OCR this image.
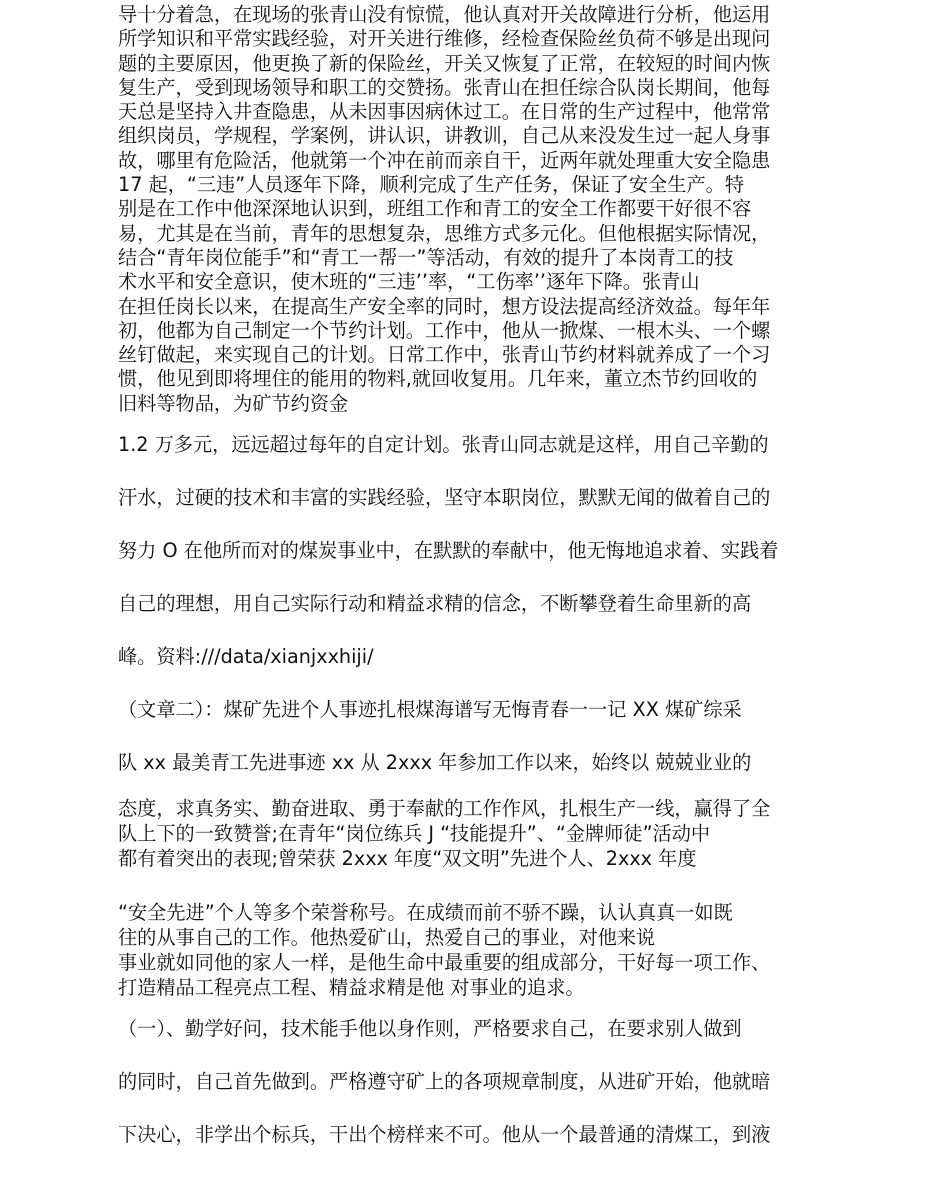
导十分着急，在现场的张青山没有惊慌，他认真对开关故障进行分析，他运用
所学知识和平常实践经验，对开关进行维修，经检查保险丝负荷不够是出现问
题的主要原因，他更换了新的保险丝，开关又恢复了正常，在较短的时间内恢
复生产，受到现场领导和职工的交赞扬。张青山在担任综合队岗长期间，他每
天总是坚持入井查隐患，从未因事因病休过工。在日常的生产过程中，他常常
组织岗员，学规程，学案例，讲认识，讲教训，自己从来没发生过一起人身事
故，哪里有危险活，他就第一个冲在前而亲自干，近两年就处理重大安全隐患
17 起，“三违”人员逐年下降，顺利完成了生产任务，保证了安全生产。特
别是在工作中他深深地认识到，班组工作和青工的安全工作都要干好很不容
易，尤其是在当前，青年的思想复杂，思维方式多元化。但他根据实际情况，
结合“青年岗位能手”和“青工一帮一”等活动，有效的提升了本岗青工的技
术水平和安全意识，使木班的“三违’’率，“工伤率’’逐年下降。张青山
在担任岗长以来，在提高生产安全率的同时，想方设法提高经济效益。每年年
初，他都为自己制定一个节约计划。工作中，他从一掀煤、一根木头、一个螺
丝钉做起，来实现自己的计划。日常工作中，张青山节约材料就养成了一个习
惯，他见到即将埋住的能用的物料,就回收复用。几年来，董立杰节约回收的
旧料等物品，为矿节约资金
1.2 万多元，远远超过每年的自定计划。张青山同志就是这样，用自己辛勤的
汗水，过硬的技术和丰富的实践经验，坚守本职岗位，默默无闻的做着自己的
努力 O 在他所而对的煤炭事业中，在默默的奉献中，他无悔地追求着、实践着
自己的理想，用自己实际行动和精益求精的信念，不断攀登着生命里新的高
峰。资料:///data/xianjxxhiji/
（文章二）：煤矿先进个人事迹扎根煤海谱写无悔青春一一记 XX 煤矿综采
队 xx 最美青工先进事迹 xx 从 2xxx 年参加工作以来，始终以 兢兢业业的
态度，求真务实、勤奋进取、勇于奉献的工作作风，扎根生产一线，赢得了全
队上下的一致赞誉;在青年“岗位练兵 J “技能提升”、“金牌师徒”活动中
都有着突出的表现;曾荣获 2xxx 年度“双文明”先进个人、2xxx 年度
“安全先进”个人等多个荣誉称号。在成绩而前不骄不躁，认认真真一如既
往的从事自己的工作。他热爱矿山，热爱自己的事业，对他来说
事业就如同他的家人一样，是他生命中最重要的组成部分，干好每一项工作、
打造精品工程亮点工程、精益求精是他 对事业的追求。
（一）、勤学好问，技术能手他以身作则，严格要求自己，在要求别人做到
的同时，自己首先做到。严格遵守矿上的各项规章制度，从进矿开始，他就暗
下决心，非学出个标兵，干出个榜样来不可。他从一个最普通的清煤工，到液
